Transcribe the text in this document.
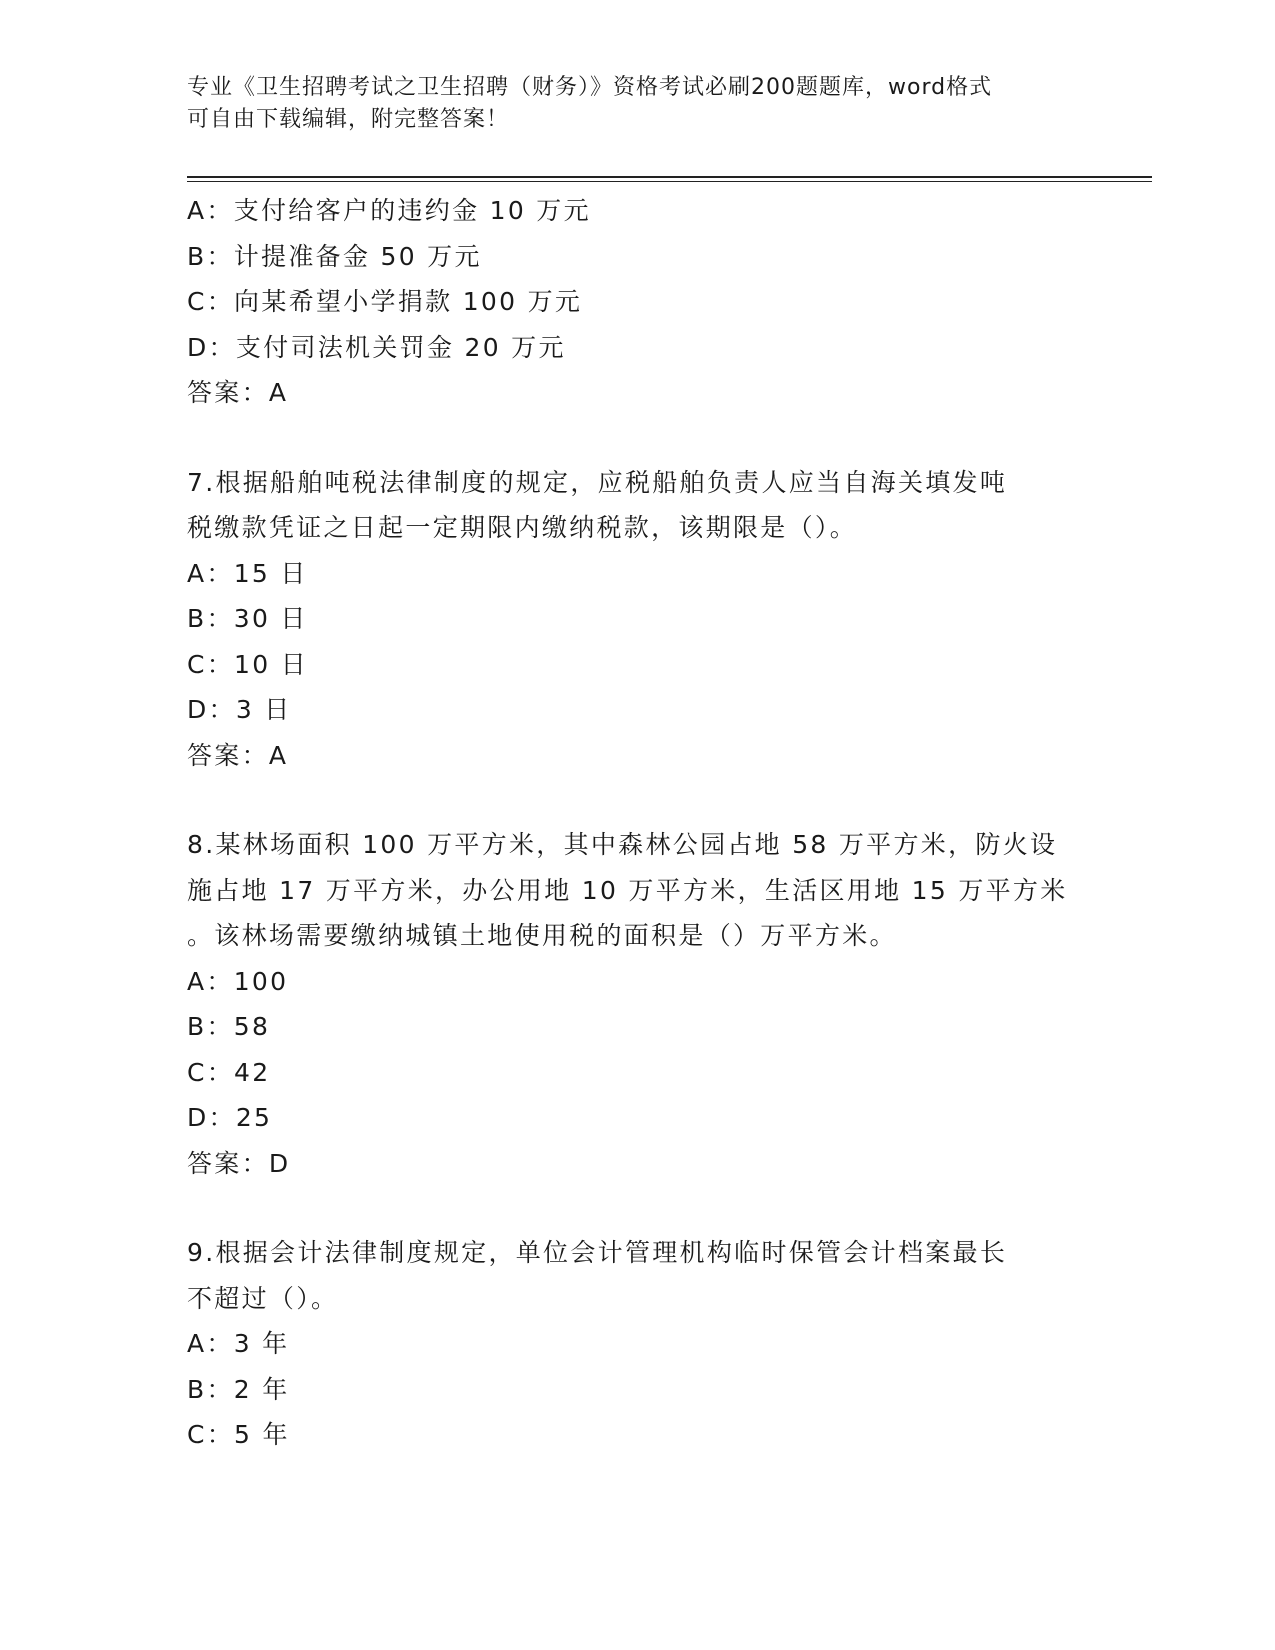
专业《卫生招聘考试之卫生招聘（财务）》资格考试必刷200题题库，word格式
可自由下载编辑，附完整答案！
A：支付给客户的违约金 10 万元
B：计提准备金 50 万元
C：向某希望小学捐款 100 万元
D：支付司法机关罚金 20 万元
答案：A
7.根据船舶吨税法律制度的规定，应税船舶负责人应当自海关填发吨
税缴款凭证之日起一定期限内缴纳税款，该期限是（）。
A：15 日
B：30 日
C：10 日
D：3 日
答案：A
8.某林场面积 100 万平方米，其中森林公园占地 58 万平方米，防火设
施占地 17 万平方米，办公用地 10 万平方米，生活区用地 15 万平方米
。该林场需要缴纳城镇土地使用税的面积是（）万平方米。
A：100
B：58
C：42
D：25
答案：D
9.根据会计法律制度规定，单位会计管理机构临时保管会计档案最长
不超过（）。
A：3 年
B：2 年
C：5 年
